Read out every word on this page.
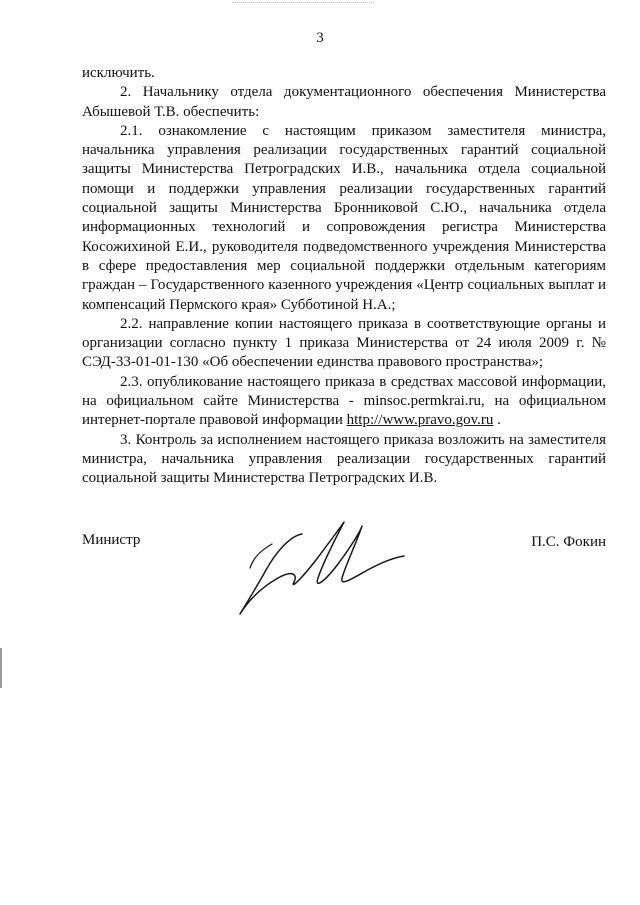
3

исключить.

2. Начальнику отдела документационного обеспечения Министерства Абышевой Т.В. обеспечить:

2.1. ознакомление с настоящим приказом заместителя министра, начальника управления реализации государственных гарантий социальной защиты Министерства Петроградских И.В., начальника отдела социальной помощи и поддержки управления реализации государственных гарантий социальной защиты Министерства Бронниковой С.Ю., начальника отдела информационных технологий и сопровождения регистра Министерства Косожихиной Е.И., руководителя подведомственного учреждения Министерства в сфере предоставления мер социальной поддержки отдельным категориям граждан – Государственного казенного учреждения «Центр социальных выплат и компенсаций Пермского края» Субботиной Н.А.;

2.2. направление копии настоящего приказа в соответствующие органы и организации согласно пункту 1 приказа Министерства от 24 июля 2009 г. № СЭД-33-01-01-130 «Об обеспечении единства правового пространства»;

2.3. опубликование настоящего приказа в средствах массовой информации, на официальном сайте Министерства - minsoc.permkrai.ru, на официальном интернет-портале правовой информации http://www.pravo.gov.ru .

3. Контроль за исполнением настоящего приказа возложить на заместителя министра, начальника управления реализации государственных гарантий социальной защиты Министерства Петроградских И.В.

Министр	П.С. Фокин
